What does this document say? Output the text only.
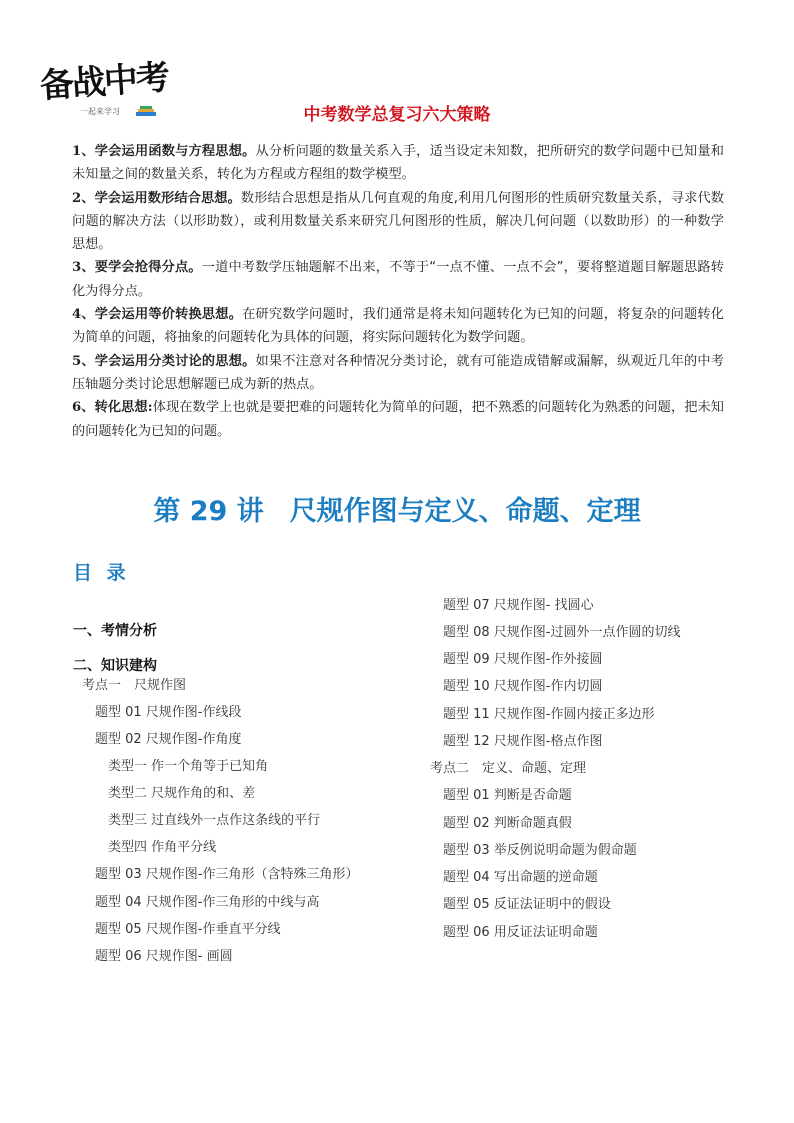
备战中考
一起来学习	中考数学总复习六大策略

1、学会运用函数与方程思想。从分析问题的数量关系入手，适当设定未知数，把所研究的数学问题中已知量和未知量之间的数量关系，转化为方程或方程组的数学模型。

2、学会运用数形结合思想。数形结合思想是指从几何直观的角度,利用几何图形的性质研究数量关系，寻求代数问题的解决方法（以形助数），或利用数量关系来研究几何图形的性质，解决几何问题（以数助形）的一种数学思想。

3、要学会抢得分点。一道中考数学压轴题解不出来，不等于“一点不懂、一点不会”，要将整道题目解题思路转化为得分点。

4、学会运用等价转换思想。在研究数学问题时，我们通常是将未知问题转化为已知的问题，将复杂的问题转化为简单的问题，将抽象的问题转化为具体的问题，将实际问题转化为数学问题。

5、学会运用分类讨论的思想。如果不注意对各种情况分类讨论，就有可能造成错解或漏解，纵观近几年的中考压轴题分类讨论思想解题已成为新的热点。

6、转化思想:体现在数学上也就是要把难的问题转化为简单的问题，把不熟悉的问题转化为熟悉的问题，把未知的问题转化为已知的问题。

第 29 讲 尺规作图与定义、命题、定理
目 录
一、考情分析
二、知识建构
考点一　尺规作图
题型 01 尺规作图-作线段
题型 02 尺规作图-作角度
类型一 作一个角等于已知角
类型二 尺规作角的和、差
类型三 过直线外一点作这条线的平行
类型四 作角平分线
题型 03 尺规作图-作三角形（含特殊三角形）
题型 04 尺规作图-作三角形的中线与高
题型 05 尺规作图-作垂直平分线
题型 06 尺规作图- 画圆
题型 07 尺规作图- 找圆心
题型 08 尺规作图-过圆外一点作圆的切线
题型 09 尺规作图-作外接圆
题型 10 尺规作图-作内切圆
题型 11 尺规作图-作圆内接正多边形
题型 12 尺规作图-格点作图
考点二　定义、命题、定理
题型 01 判断是否命题
题型 02 判断命题真假
题型 03 举反例说明命题为假命题
题型 04 写出命题的逆命题
题型 05 反证法证明中的假设
题型 06 用反证法证明命题
